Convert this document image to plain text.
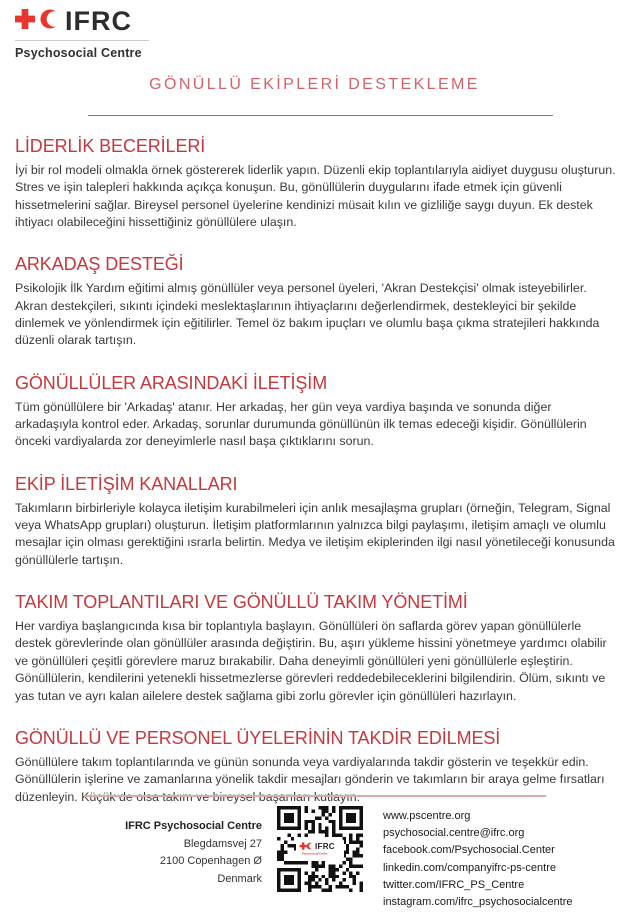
IFRC
Psychosocial Centre
GÖNÜLLÜ EKİPLERİ DESTEKLEME
LİDERLİK BECERİLERİ
İyi bir rol modeli olmakla örnek göstererek liderlik yapın. Düzenli ekip toplantılarıyla aidiyet duygusu oluşturun. Stres ve işin talepleri hakkında açıkça konuşun. Bu, gönüllülerin duygularını ifade etmek için güvenli hissetmelerini sağlar. Bireysel personel üyelerine kendinizi müsait kılın ve gizliliğe saygı duyun. Ek destek ihtiyacı olabileceğini hissettiğiniz gönüllülere ulaşın.
ARKADAŞ DESTEĞİ
Psikolojik İlk Yardım eğitimi almış gönüllüler veya personel üyeleri, 'Akran Destekçisi' olmak isteyebilirler. Akran destekçileri, sıkıntı içindeki meslektaşlarının ihtiyaçlarını değerlendirmek, destekleyici bir şekilde dinlemek ve yönlendirmek için eğitilirler. Temel öz bakım ipuçları ve olumlu başa çıkma stratejileri hakkında düzenli olarak tartışın.
GÖNÜLLÜLER ARASINDAKİ İLETİŞİM
Tüm gönüllülere bir 'Arkadaş' atanır. Her arkadaş, her gün veya vardiya başında ve sonunda diğer arkadaşıyla kontrol eder. Arkadaş, sorunlar durumunda gönüllünün ilk temas edeceği kişidir. Gönüllülerin önceki vardiyalarda zor deneyimlerle nasıl başa çıktıklarını sorun.
EKİP İLETİŞİM KANALLARI
Takımların birbirleriyle kolayca iletişim kurabilmeleri için anlık mesajlaşma grupları (örneğin, Telegram, Signal veya WhatsApp grupları) oluşturun. İletişim platformlarının yalnızca bilgi paylaşımı, iletişim amaçlı ve olumlu mesajlar için olması gerektiğini ısrarla belirtin. Medya ve iletişim ekiplerinden ilgi nasıl yönetileceği konusunda gönüllülerle tartışın.
TAKIM TOPLANTILARI VE GÖNÜLLÜ TAKIM YÖNETİMİ
Her vardiya başlangıcında kısa bir toplantıyla başlayın. Gönüllüleri ön saflarda görev yapan gönüllülerle destek görevlerinde olan gönüllüler arasında değiştirin. Bu, aşırı yükleme hissini yönetmeye yardımcı olabilir ve gönüllüleri çeşitli görevlere maruz bırakabilir. Daha deneyimli gönüllüleri yeni gönüllülerle eşleştirin. Gönüllülerin, kendilerini yetenekli hissetmezlerse görevleri reddedebileceklerini bilgilendirin. Ölüm, sıkıntı ve yas tutan ve ayrı kalan ailelere destek sağlama gibi zorlu görevler için gönüllüleri hazırlayın.
GÖNÜLLÜ VE PERSONEL ÜYELERİNİN TAKDİR EDİLMESİ
Gönüllülere takım toplantılarında ve günün sonunda veya vardiyalarında takdir gösterin ve teşekkür edin. Gönüllülerin işlerine ve zamanlarına yönelik takdir mesajları gönderin ve takımların bir araya gelme fırsatları düzenleyin. Küçük de olsa takım ve bireysel başarıları kutlayın.
IFRC Psychosocial Centre
Blegdamsvej 27
2100 Copenhagen Ø
Denmark
IFRC
Psychosocial Centre
www.pscentre.org
psychosocial.centre@ifrc.org
facebook.com/Psychosocial.Center
linkedin.com/companyifrc-ps-centre
twitter.com/IFRC_PS_Centre
instagram.com/ifrc_psychosocialcentre
